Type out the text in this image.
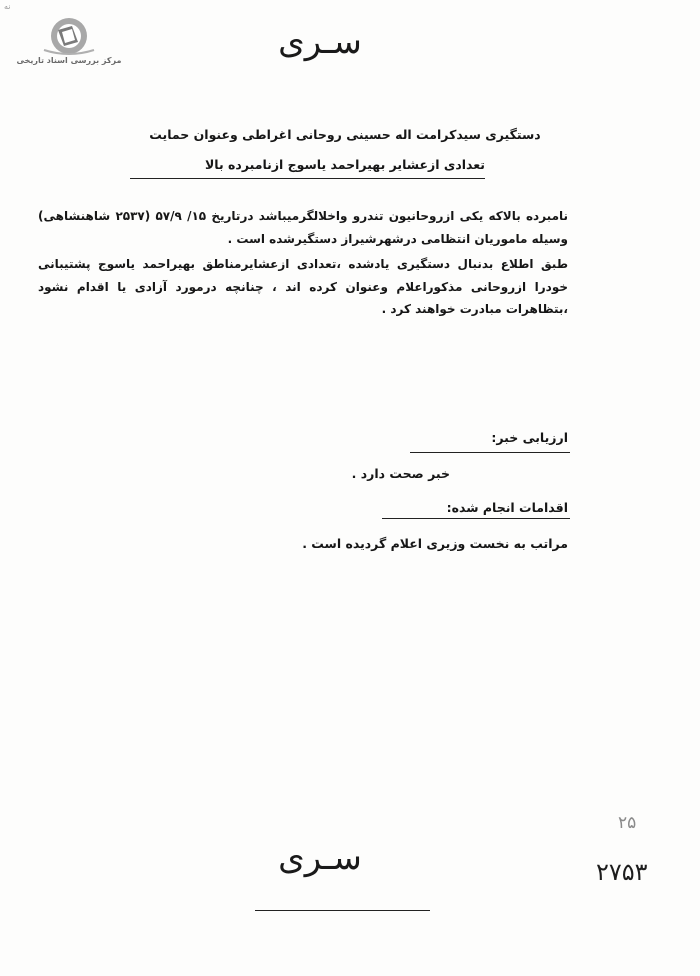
ﻧﻪ
مرکز بررسی اسناد تاریخی	سـری
دستگیری سیدکرامت اله حسینی روحانی اغراطی وعنوان حمایت
تعدادی ازعشایر بهیراحمد یاسوج ازنامبرده بالا

نامبرده بالاکه یکی ازروحانیون تندرو واخلالگرمیباشد درتاریخ ۱۵/ ۵۷/۹ (۲۵۳۷ شاهنشاهی) وسیله ماموریان انتظامی درشهرشیراز دستگیرشده است .

طبق اطلاع بدنبال دستگیری یادشده ،تعدادی ازعشایرمناطق بهیراحمد یاسوج پشتیبانی خودرا ازروحانی مذکوراعلام وعنوان کرده اند ، چنانچه درمورد آزادی یا اقدام نشود ،بتظاهرات مبادرت خواهند کرد .

ارزیابی خبر:
خبر صحت دارد .
اقدامات انجام شده:
مراتب به نخست وزیری اعلام گردیده است .
۲۵
سـری	۲۷۵۳
